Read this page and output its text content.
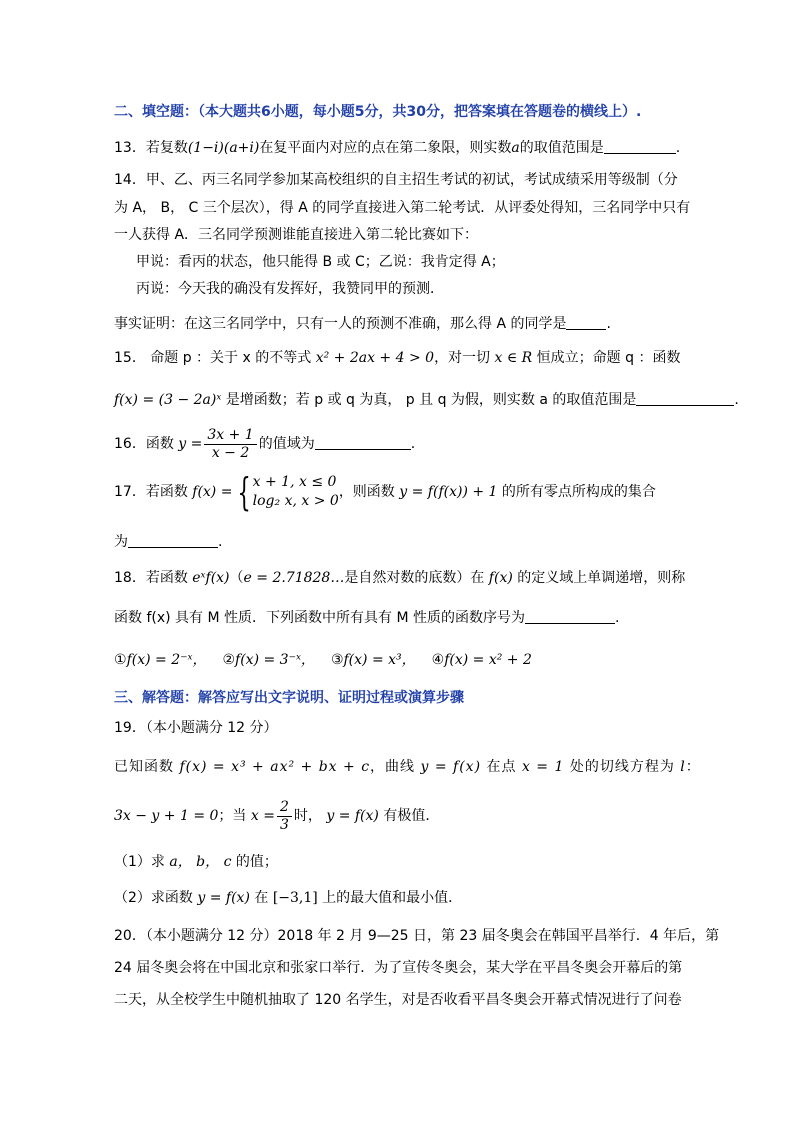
二、填空题：（本大题共6小题，每小题5分，共30分，把答案填在答题卷的横线上）.
13．若复数(1−i)(a+i)在复平面内对应的点在第二象限，则实数a的取值范围是	.
14．甲、乙、丙三名同学参加某高校组织的自主招生考试的初试，考试成绩采用等级制（分
为 A， B， C 三个层次），得 A 的同学直接进入第二轮考试．从评委处得知，三名同学中只有
一人获得 A．三名同学预测谁能直接进入第二轮比赛如下：
甲说：看丙的状态，他只能得 B 或 C；乙说：我肯定得 A；
丙说：今天我的确没有发挥好，我赞同甲的预测．
事实证明：在这三名同学中，只有一人的预测不准确，那么得 A 的同学是	.
15． 命题 p ：关于 x 的不等式 x² + 2ax + 4 > 0，对一切 x ∈ R 恒成立；命题 q ：函数
f(x) = (3 − 2a)ˣ 是增函数；若 p 或 q 为真， p 且 q 为假，则实数 a 的取值范围是	.
16．函数 $y = \frac{3x + 1}{x - 2}$ 的值域为	.
17．若函数 f(x) = { x + 1, x ≤ 0
log₂ x, x > 0
，则函数 y = f(f(x)) + 1 的所有零点所构成的集合
为	.
18．若函数 eˣf(x)（e = 2.71828…是自然对数的底数）在 f(x) 的定义域上单调递增，则称
函数 f(x) 具有 M 性质．下列函数中所有具有 M 性质的函数序号为	.
①f(x) = 2⁻ˣ， ②f(x) = 3⁻ˣ， ③f(x) = x³， ④f(x) = x² + 2
三、解答题：解答应写出文字说明、证明过程或演算步骤
19．（本小题满分 12 分）
已知函数 f(x) = x³ + ax² + bx + c，曲线 y = f(x) 在点 x = 1 处的切线方程为 l：
3x − y + 1 = 0；当 $x = \frac{2}{3}$ 时， y = f(x) 有极值．
（1）求 a， b， c 的值；
（2）求函数 y = f(x) 在 [−3,1] 上的最大值和最小值．
20．（本小题满分 12 分）2018 年 2 月 9—25 日，第 23 届冬奥会在韩国平昌举行．4 年后，第
24 届冬奥会将在中国北京和张家口举行．为了宣传冬奥会，某大学在平昌冬奥会开幕后的第
二天，从全校学生中随机抽取了 120 名学生，对是否收看平昌冬奥会开幕式情况进行了问卷
